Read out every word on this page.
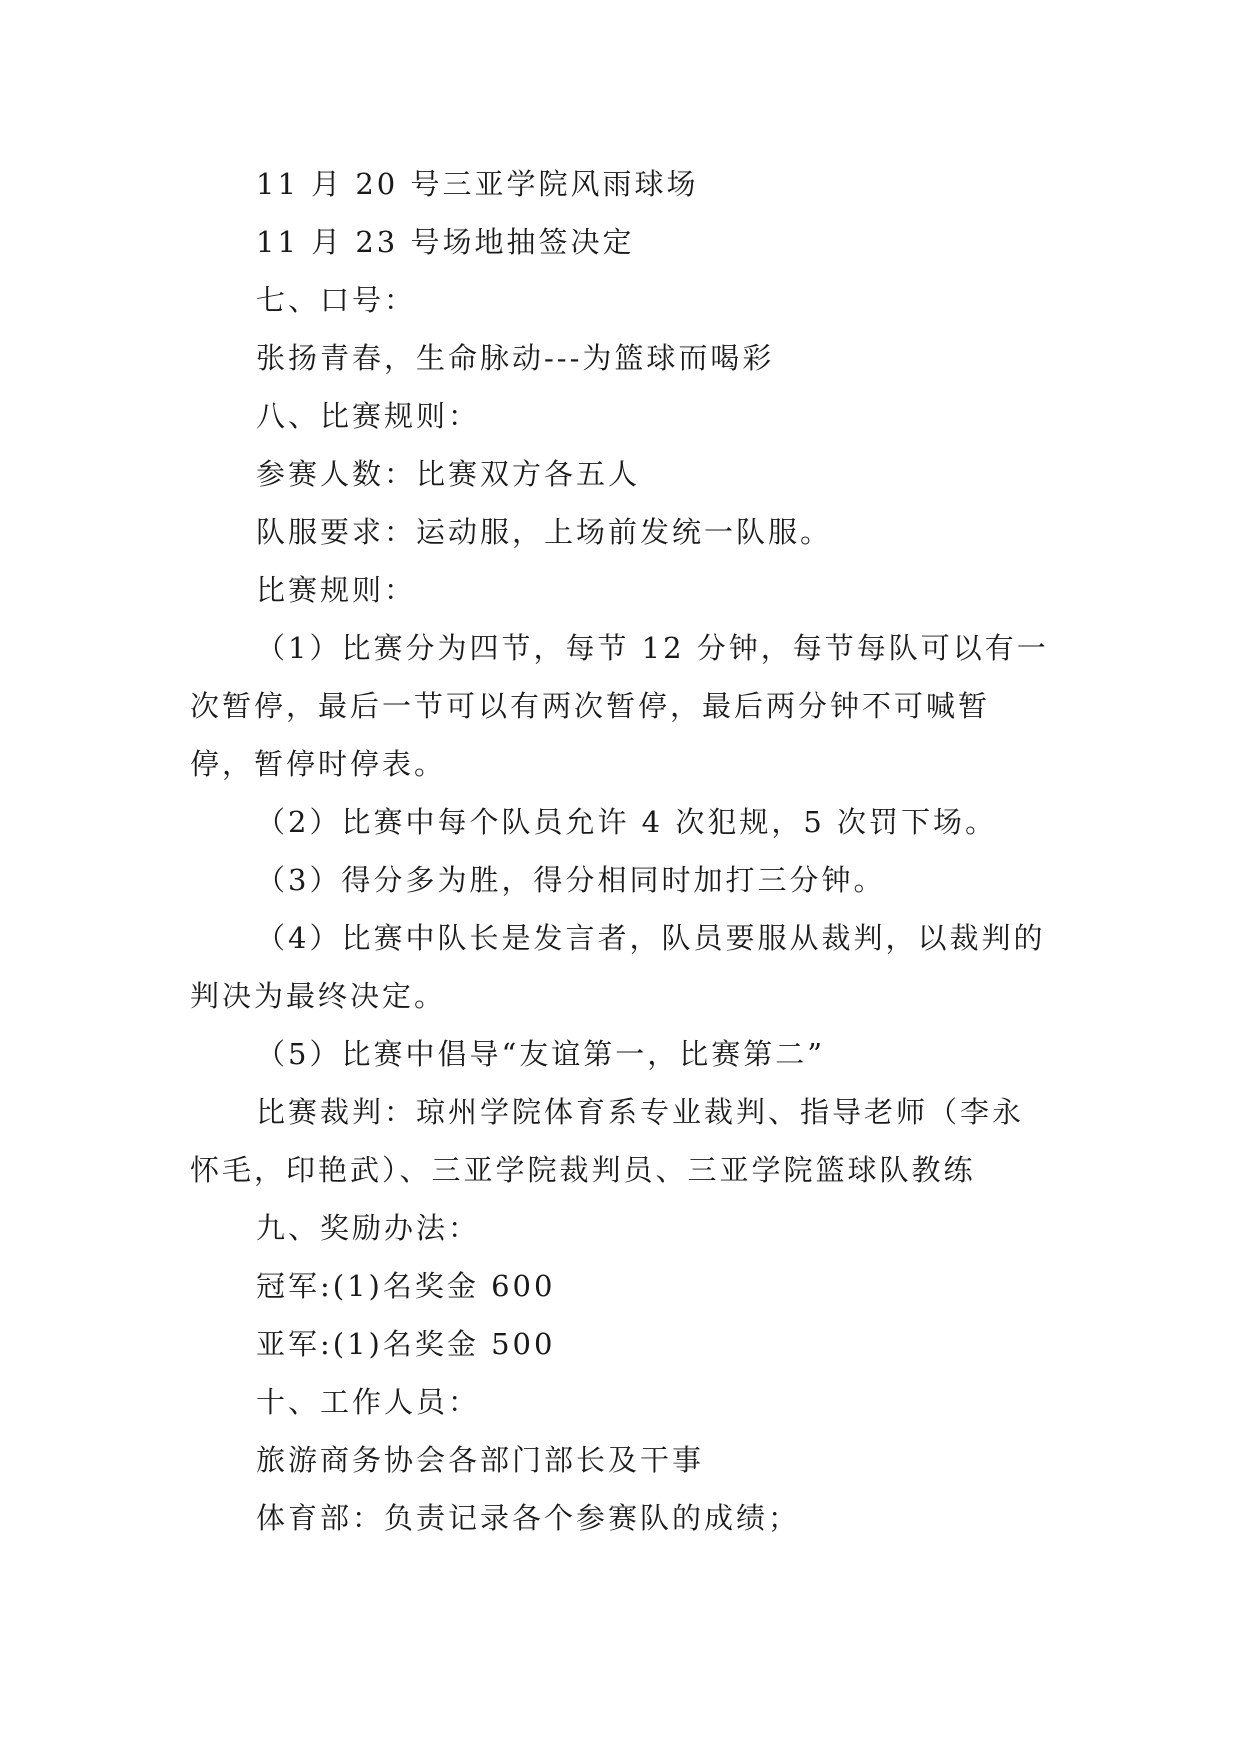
11 月 20 号三亚学院风雨球场

11 月 23 号场地抽签决定

七、口号：

张扬青春，生命脉动---为篮球而喝彩

八、比赛规则：

参赛人数：比赛双方各五人

队服要求：运动服，上场前发统一队服。

比赛规则：

（1）比赛分为四节，每节 12 分钟，每节每队可以有一次暂停，最后一节可以有两次暂停，最后两分钟不可喊暂停，暂停时停表。

（2）比赛中每个队员允许 4 次犯规，5 次罚下场。

（3）得分多为胜，得分相同时加打三分钟。

（4）比赛中队长是发言者，队员要服从裁判，以裁判的判决为最终决定。

（5）比赛中倡导“友谊第一，比赛第二”

比赛裁判：琼州学院体育系专业裁判、指导老师（李永怀毛，印艳武）、三亚学院裁判员、三亚学院篮球队教练

九、奖励办法：

冠军:(1)名奖金 600

亚军:(1)名奖金 500

十、工作人员：

旅游商务协会各部门部长及干事

体育部：负责记录各个参赛队的成绩；
